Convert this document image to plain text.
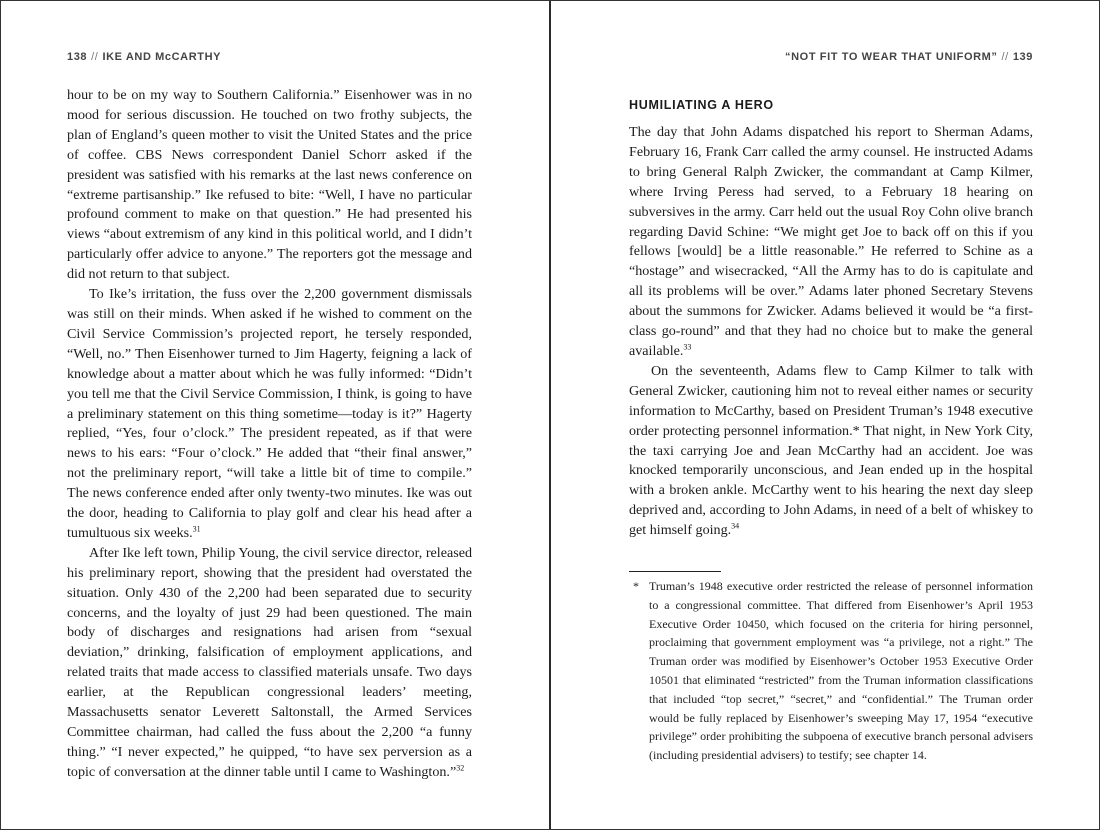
138 // IKE AND McCARTHY

hour to be on my way to Southern California.” Eisenhower was in no mood for serious discussion. He touched on two frothy subjects, the plan of England’s queen mother to visit the United States and the price of coffee. CBS News correspondent Daniel Schorr asked if the president was satisfied with his remarks at the last news conference on “extreme partisanship.” Ike refused to bite: “Well, I have no particular profound comment to make on that question.” He had presented his views “about extremism of any kind in this political world, and I didn’t particularly offer advice to anyone.” The reporters got the message and did not return to that subject.

To Ike’s irritation, the fuss over the 2,200 government dismissals was still on their minds. When asked if he wished to comment on the Civil Service Commission’s projected report, he tersely responded, “Well, no.” Then Eisenhower turned to Jim Hagerty, feigning a lack of knowledge about a matter about which he was fully informed: “Didn’t you tell me that the Civil Service Commission, I think, is going to have a preliminary statement on this thing sometime—today is it?” Hagerty replied, “Yes, four o’clock.” The president repeated, as if that were news to his ears: “Four o’clock.” He added that “their final answer,” not the preliminary report, “will take a little bit of time to compile.” The news conference ended after only twenty-two minutes. Ike was out the door, heading to California to play golf and clear his head after a tumultuous six weeks.$^{31}$

After Ike left town, Philip Young, the civil service director, released his preliminary report, showing that the president had overstated the situation. Only 430 of the 2,200 had been separated due to security concerns, and the loyalty of just 29 had been questioned. The main body of discharges and resignations had arisen from “sexual deviation,” drinking, falsification of employment applications, and related traits that made access to classified materials unsafe. Two days earlier, at the Republican congressional leaders’ meeting, Massachusetts senator Leverett Saltonstall, the Armed Services Committee chairman, had called the fuss about the 2,200 “a funny thing.” “I never expected,” he quipped, “to have sex perversion as a topic of conversation at the dinner table until I came to Washington.”$^{32}$

“NOT FIT TO WEAR THAT UNIFORM” // 139
HUMILIATING A HERO

The day that John Adams dispatched his report to Sherman Adams, February 16, Frank Carr called the army counsel. He instructed Adams to bring General Ralph Zwicker, the commandant at Camp Kilmer, where Irving Peress had served, to a February 18 hearing on subversives in the army. Carr held out the usual Roy Cohn olive branch regarding David Schine: “We might get Joe to back off on this if you fellows [would] be a little reasonable.” He referred to Schine as a “hostage” and wisecracked, “All the Army has to do is capitulate and all its problems will be over.” Adams later phoned Secretary Stevens about the summons for Zwicker. Adams believed it would be “a first-class go-round” and that they had no choice but to make the general available.$^{33}$

On the seventeenth, Adams flew to Camp Kilmer to talk with General Zwicker, cautioning him not to reveal either names or security information to McCarthy, based on President Truman’s 1948 executive order protecting personnel information.* That night, in New York City, the taxi carrying Joe and Jean McCarthy had an accident. Joe was knocked temporarily unconscious, and Jean ended up in the hospital with a broken ankle. McCarthy went to his hearing the next day sleep deprived and, according to John Adams, in need of a belt of whiskey to get himself going.$^{34}$

* Truman’s 1948 executive order restricted the release of personnel information to a congressional committee. That differed from Eisenhower’s April 1953 Executive Order 10450, which focused on the criteria for hiring personnel, proclaiming that government employment was “a privilege, not a right.” The Truman order was modified by Eisenhower’s October 1953 Executive Order 10501 that eliminated “restricted” from the Truman information classifications that included “top secret,” “secret,” and “confidential.” The Truman order would be fully replaced by Eisenhower’s sweeping May 17, 1954 “executive privilege” order prohibiting the subpoena of executive branch personal advisers (including presidential advisers) to testify; see chapter 14.
